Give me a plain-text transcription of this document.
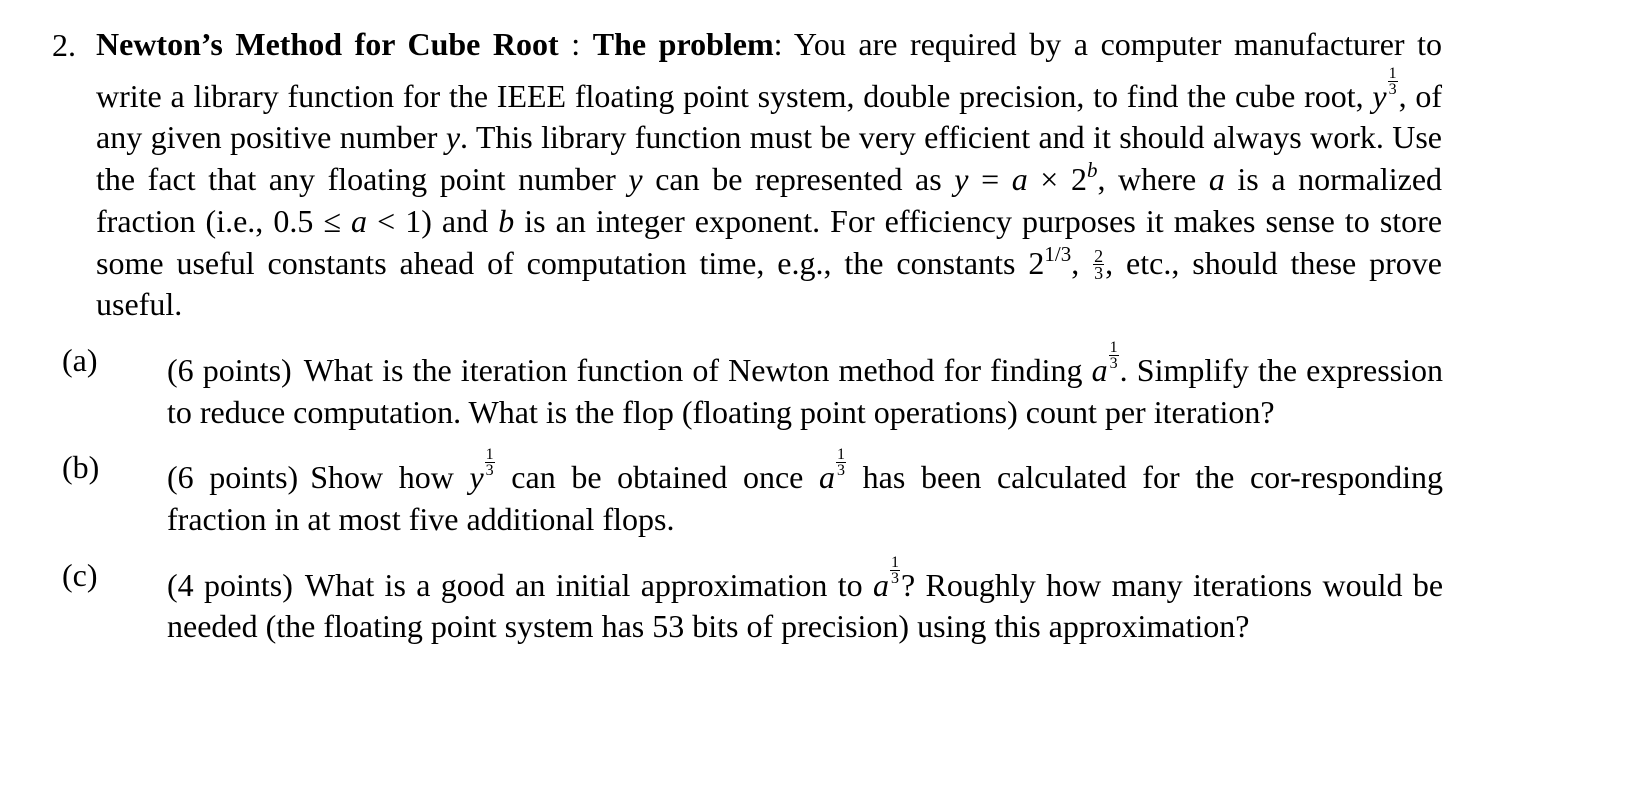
2. Newton’s Method for Cube Root : The problem: You are required by a computer manufacturer to write a library function for the IEEE floating point system, double precision, to find the cube root, y $\frac{1}{3}$ , of any given positive number y. This library function must be very efficient and it should always work. Use the fact that any floating point number y can be represented as $y = a \times 2^b$, where a is a normalized fraction (i.e., 0.5 ≤ a < 1) and b is an integer exponent. For efficiency purposes it makes sense to store some useful constants ahead of computation time, e.g., the constants $2^{1/3}$, $\frac{2}{3}$ , etc., should these prove useful.
(a) (6 points) What is the iteration function of Newton method for finding a $\frac{1}{3}$ . Simplify the expression to reduce computation. What is the flop (floating point operations) count per iteration?
(b) (6 points) Show how y $\frac{1}{3}$ can be obtained once a $\frac{1}{3}$ has been calculated for the cor-responding fraction in at most five additional flops.
(c) (4 points) What is a good an initial approximation to a $\frac{1}{3}$ ? Roughly how many iterations would be needed (the floating point system has 53 bits of precision) using this approximation?
